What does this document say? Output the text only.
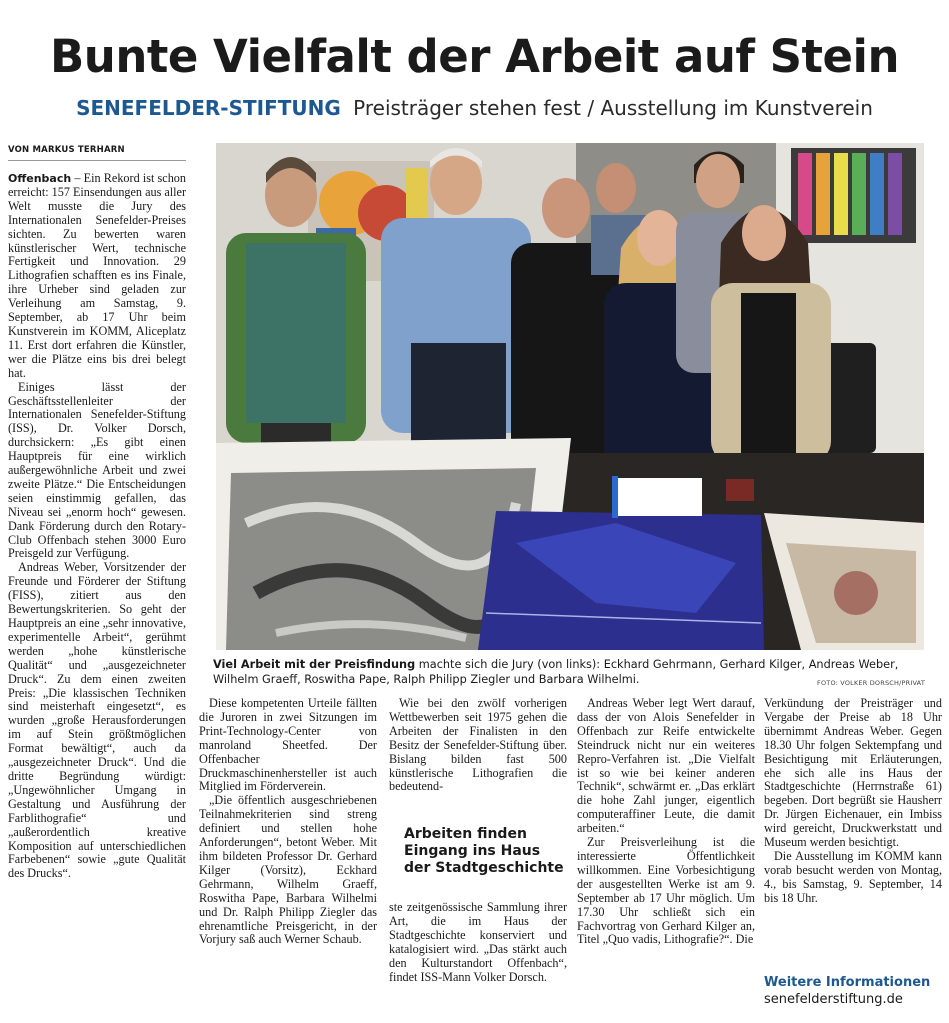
Bunte Vielfalt der Arbeit auf Stein
SENEFELDER-STIFTUNG Preisträger stehen fest / Ausstellung im Kunstverein
VON MARKUS TERHARN

Offenbach – Ein Rekord ist schon erreicht: 157 Einsendungen aus aller Welt musste die Jury des Internationalen Senefelder-Preises sichten. Zu bewerten waren künstlerischer Wert, technische Fertigkeit und Innovation. 29 Lithografien schafften es ins Finale, ihre Urheber sind geladen zur Verleihung am Samstag, 9. September, ab 17 Uhr beim Kunstverein im KOMM, Aliceplatz 11. Erst dort erfahren die Künstler, wer die Plätze eins bis drei belegt hat.

Einiges lässt der Geschäftsstellenleiter der Internationalen Senefelder-Stiftung (ISS), Dr. Volker Dorsch, durchsickern: „Es gibt einen Hauptpreis für eine wirklich außergewöhnliche Arbeit und zwei zweite Plätze.“ Die Entscheidungen seien einstimmig gefallen, das Niveau sei „enorm hoch“ gewesen. Dank Förderung durch den Rotary-Club Offenbach stehen 3000 Euro Preisgeld zur Verfügung.

Andreas Weber, Vorsitzender der Freunde und Förderer der Stiftung (FISS), zitiert aus den Bewertungskriterien. So geht der Hauptpreis an eine „sehr innovative, experimentelle Arbeit“, gerühmt werden „hohe künstlerische Qualität“ und „ausgezeichneter Druck“. Zu dem einen zweiten Preis: „Die klassischen Techniken sind meisterhaft eingesetzt“, es wurden „große Herausforderungen im auf Stein größtmöglichen Format bewältigt“, auch da „ausgezeichneter Druck“. Und die dritte Begründung würdigt: „Ungewöhnlicher Umgang in Gestaltung und Ausführung der Farblithografie“ und „außerordentlich kreative Komposition auf unterschiedlichen Farbebenen“ sowie „gute Qualität des Drucks“.

Viel Arbeit mit der Preisfindung machte sich die Jury (von links): Eckhard Gehrmann, Gerhard Kilger, Andreas Weber, Wilhelm Graeff, Roswitha Pape, Ralph Philipp Ziegler und Barbara Wilhelmi.	FOTO: VOLKER DORSCH/PRIVAT

Diese kompetenten Urteile fällten die Juroren in zwei Sitzungen im Print-Technology-Center von manroland Sheetfed. Der Offenbacher Druckmaschinenhersteller ist auch Mitglied im Förderverein.

„Die öffentlich ausgeschriebenen Teilnahmekriterien sind streng definiert und stellen hohe Anforderungen“, betont Weber. Mit ihm bildeten Professor Dr. Gerhard Kilger (Vorsitz), Eckhard Gehrmann, Wilhelm Graeff, Roswitha Pape, Barbara Wilhelmi und Dr. Ralph Philipp Ziegler das ehrenamtliche Preisgericht, in der Vorjury saß auch Werner Schaub.

Wie bei den zwölf vorherigen Wettbewerben seit 1975 gehen die Arbeiten der Finalisten in den Besitz der Senefelder-Stiftung über. Bislang bilden fast 500 künstlerische Lithografien die bedeutend-

Arbeiten finden Eingang ins Haus der Stadtgeschichte

ste zeitgenössische Sammlung ihrer Art, die im Haus der Stadtgeschichte konserviert und katalogisiert wird. „Das stärkt auch den Kulturstandort Offenbach“, findet ISS-Mann Volker Dorsch.

Andreas Weber legt Wert darauf, dass der von Alois Senefelder in Offenbach zur Reife entwickelte Steindruck nicht nur ein weiteres Repro-Verfahren ist. „Die Vielfalt ist so wie bei keiner anderen Technik“, schwärmt er. „Das erklärt die hohe Zahl junger, eigentlich computeraffiner Leute, die damit arbeiten.“

Zur Preisverleihung ist die interessierte Öffentlichkeit willkommen. Eine Vorbesichtigung der ausgestellten Werke ist am 9. September ab 17 Uhr möglich. Um 17.30 Uhr schließt sich ein Fachvortrag von Gerhard Kilger an, Titel „Quo vadis, Lithografie?“. Die

Verkündung der Preisträger und Vergabe der Preise ab 18 Uhr übernimmt Andreas Weber. Gegen 18.30 Uhr folgen Sektempfang und Besichtigung mit Erläuterungen, ehe sich alle ins Haus der Stadtgeschichte (Herrnstraße 61) begeben. Dort begrüßt sie Hausherr Dr. Jürgen Eichenauer, ein Imbiss wird gereicht, Druckwerkstatt und Museum werden besichtigt.

Die Ausstellung im KOMM kann vorab besucht werden von Montag, 4., bis Samstag, 9. September, 14 bis 18 Uhr.

Weitere Informationen
senefelderstiftung.de
